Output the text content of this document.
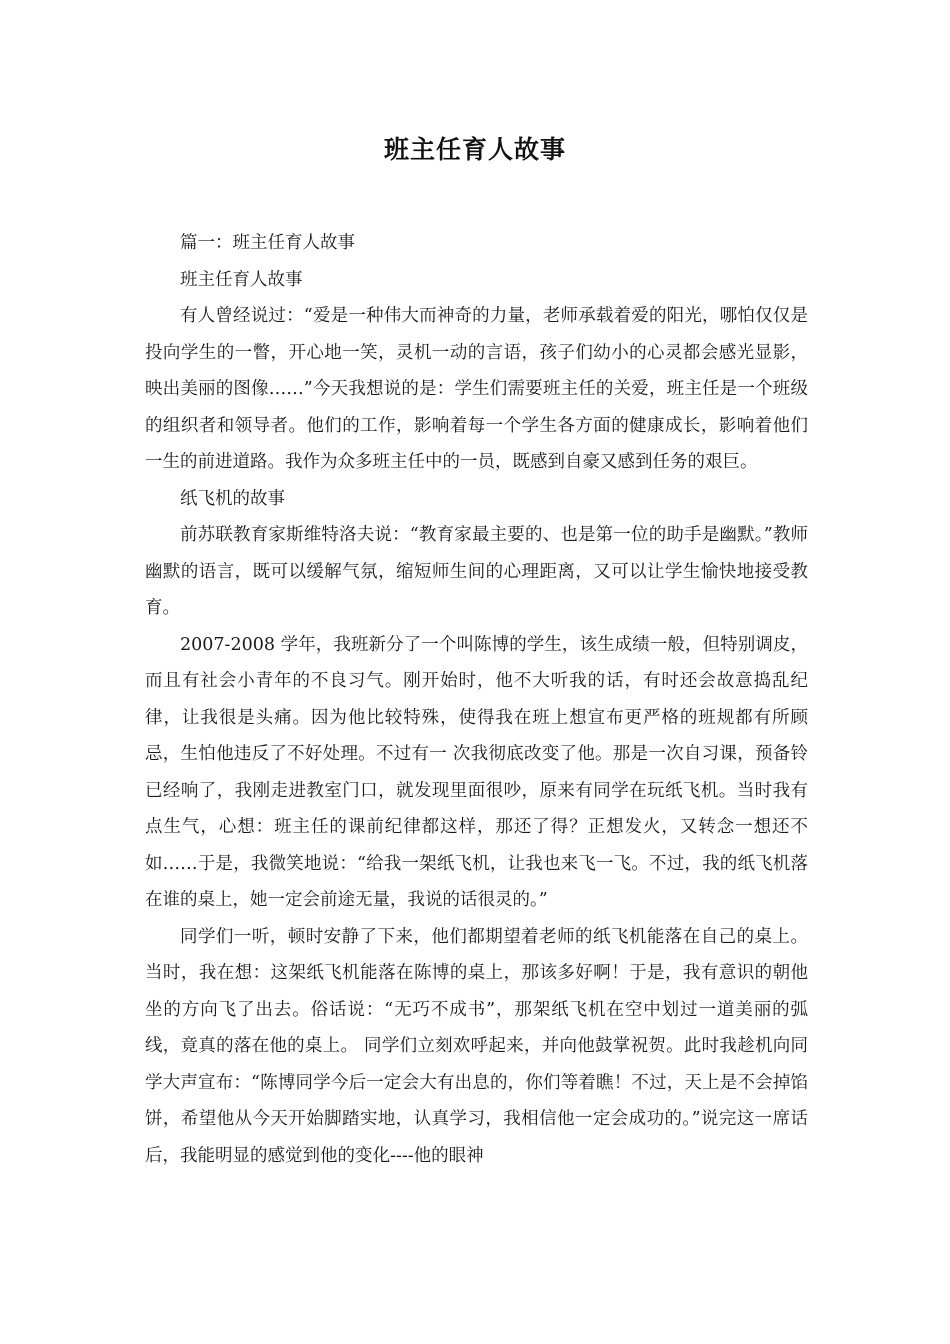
班主任育人故事

篇一：班主任育人故事

班主任育人故事

有人曾经说过：“爱是一种伟大而神奇的力量，老师承载着爱的阳光，哪怕仅仅是投向学生的一瞥，开心地一笑，灵机一动的言语，孩子们幼小的心灵都会感光显影，映出美丽的图像……”今天我想说的是：学生们需要班主任的关爱，班主任是一个班级的组织者和领导者。他们的工作，影响着每一个学生各方面的健康成长，影响着他们一生的前进道路。我作为众多班主任中的一员，既感到自豪又感到任务的艰巨。

纸飞机的故事

前苏联教育家斯维特洛夫说：“教育家最主要的、也是第一位的助手是幽默。”教师幽默的语言，既可以缓解气氛，缩短师生间的心理距离，又可以让学生愉快地接受教育。

2007-2008 学年，我班新分了一个叫陈博的学生，该生成绩一般，但特别调皮，而且有社会小青年的不良习气。刚开始时，他不大听我的话，有时还会故意捣乱纪律，让我很是头痛。因为他比较特殊，使得我在班上想宣布更严格的班规都有所顾忌，生怕他违反了不好处理。不过有一 次我彻底改变了他。那是一次自习课，预备铃已经响了，我刚走进教室门口，就发现里面很吵，原来有同学在玩纸飞机。当时我有点生气，心想：班主任的课前纪律都这样，那还了得？正想发火，又转念一想还不如……于是，我微笑地说：“给我一架纸飞机，让我也来飞一飞。不过，我的纸飞机落在谁的桌上，她一定会前途无量，我说的话很灵的。”

同学们一听，顿时安静了下来，他们都期望着老师的纸飞机能落在自己的桌上。当时，我在想：这架纸飞机能落在陈博的桌上，那该多好啊！于是，我有意识的朝他坐的方向飞了出去。俗话说：“无巧不成书”，那架纸飞机在空中划过一道美丽的弧线，竟真的落在他的桌上。 同学们立刻欢呼起来，并向他鼓掌祝贺。此时我趁机向同学大声宣布：“陈博同学今后一定会大有出息的，你们等着瞧！不过，天上是不会掉馅饼，希望他从今天开始脚踏实地，认真学习，我相信他一定会成功的。”说完这一席话后，我能明显的感觉到他的变化----他的眼神
